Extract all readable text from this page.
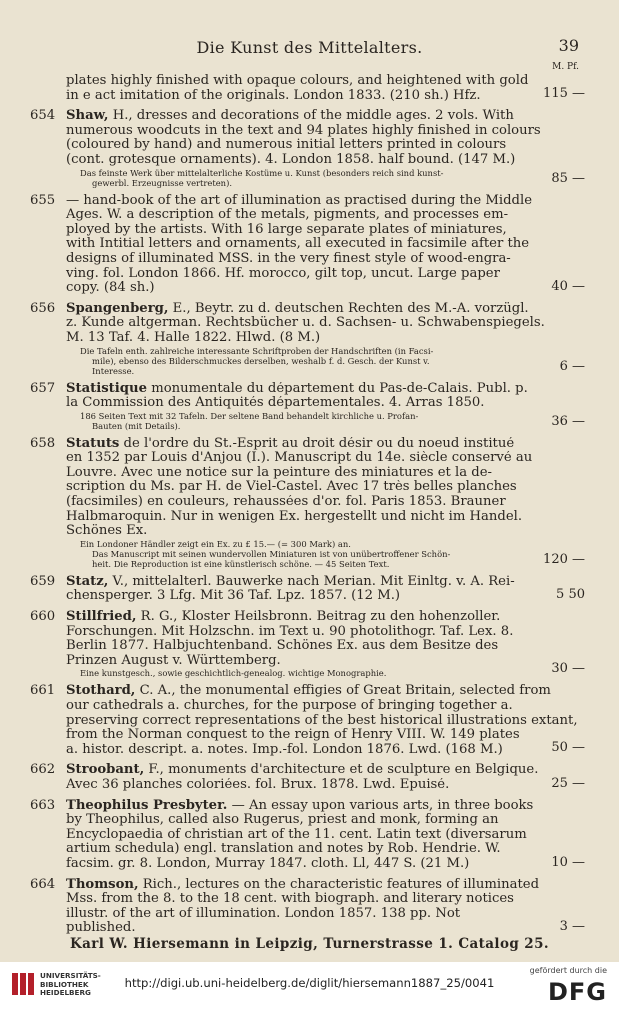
Die Kunst des Mittelalters.	39
M. Pf.
plates highly finished with opaque colours, and heightened with gold
in e act imitation of the originals. London 1833. (210 sh.) Hfz.	115 —
654 Shaw, H., dresses and decorations of the middle ages. 2 vols. With
numerous woodcuts in the text and 94 plates highly finished in colours
(coloured by hand) and numerous initial letters printed in colours
(cont. grotesque ornaments). 4. London 1858. half bound. (147 M.)
Das feinste Werk über mittelalterliche Kostüme u. Kunst (besonders reich sind kunst-
gewerbl. Erzeugnisse vertreten).	85 —
655 — hand-book of the art of illumination as practised during the Middle
Ages. W. a description of the metals, pigments, and processes em-
ployed by the artists. With 16 large separate plates of miniatures,
with Intitial letters and ornaments, all executed in facsimile after the
designs of illuminated MSS. in the very finest style of wood-engra-
ving. fol. London 1866. Hf. morocco, gilt top, uncut. Large paper
copy. (84 sh.)	40 —
656 Spangenberg, E., Beytr. zu d. deutschen Rechten des M.-A. vorzügl.
z. Kunde altgerman. Rechtsbücher u. d. Sachsen- u. Schwabenspiegels.
M. 13 Taf. 4. Halle 1822. Hlwd. (8 M.)
Die Tafeln enth. zahlreiche interessante Schriftproben der Handschriften (in Facsi-
mile), ebenso des Bilderschmuckes derselben, weshalb f. d. Gesch. der Kunst v.
Interesse.	6 —
657 Statistique monumentale du département du Pas-de-Calais. Publ. p.
la Commission des Antiquités départementales. 4. Arras 1850.
186 Seiten Text mit 32 Tafeln. Der seltene Band behandelt kirchliche u. Profan-
Bauten (mit Details).	36 —
658 Statuts de l'ordre du St.-Esprit au droit désir ou du noeud institué
en 1352 par Louis d'Anjou (I.). Manuscript du 14e. siècle conservé au
Louvre. Avec une notice sur la peinture des miniatures et la de-
scription du Ms. par H. de Viel-Castel. Avec 17 très belles planches
(facsimiles) en couleurs, rehaussées d'or. fol. Paris 1853. Brauner
Halbmaroquin. Nur in wenigen Ex. hergestellt und nicht im Handel.
Schönes Ex.
Ein Londoner Händler zeigt ein Ex. zu £ 15.— (= 300 Mark) an.
Das Manuscript mit seinen wundervollen Miniaturen ist von unübertroffener Schön-
heit. Die Reproduction ist eine künstlerisch schöne. — 45 Seiten Text.	120 —
659 Statz, V., mittelalterl. Bauwerke nach Merian. Mit Einltg. v. A. Rei-
chensperger. 3 Lfg. Mit 36 Taf. Lpz. 1857. (12 M.)	5 50
660 Stillfried, R. G., Kloster Heilsbronn. Beitrag zu den hohenzoller.
Forschungen. Mit Holzschn. im Text u. 90 photolithogr. Taf. Lex. 8.
Berlin 1877. Halbjuchtenband. Schönes Ex. aus dem Besitze des
Prinzen August v. Württemberg.
Eine kunstgesch., sowie geschichtlich-genealog. wichtige Monographie.	30 —
661 Stothard, C. A., the monumental effigies of Great Britain, selected from
our cathedrals a. churches, for the purpose of bringing together a.
preserving correct representations of the best historical illustrations extant,
from the Norman conquest to the reign of Henry VIII. W. 149 plates
a. histor. descript. a. notes. Imp.-fol. London 1876. Lwd. (168 M.)	50 —
662 Stroobant, F., monuments d'architecture et de sculpture en Belgique.
Avec 36 planches coloriées. fol. Brux. 1878. Lwd. Epuisé.	25 —
663 Theophilus Presbyter. — An essay upon various arts, in three books
by Theophilus, called also Rugerus, priest and monk, forming an
Encyclopaedia of christian art of the 11. cent. Latin text (diversarum
artium schedula) engl. translation and notes by Rob. Hendrie. W.
facsim. gr. 8. London, Murray 1847. cloth. Ll, 447 S. (21 M.)	10 —
664 Thomson, Rich., lectures on the characteristic features of illuminated
Mss. from the 8. to the 18 cent. with biograph. and literary notices
illustr. of the art of illumination. London 1857. 138 pp. Not
published.	3 —
Karl W. Hiersemann in Leipzig, Turnerstrasse 1. Catalog 25.
UNIVERSITÄTS-
BIBLIOTHEK
HEIDELBERG
http://digi.ub.uni-heidelberg.de/diglit/hiersemann1887_25/0041
gefördert durch die
DFG
